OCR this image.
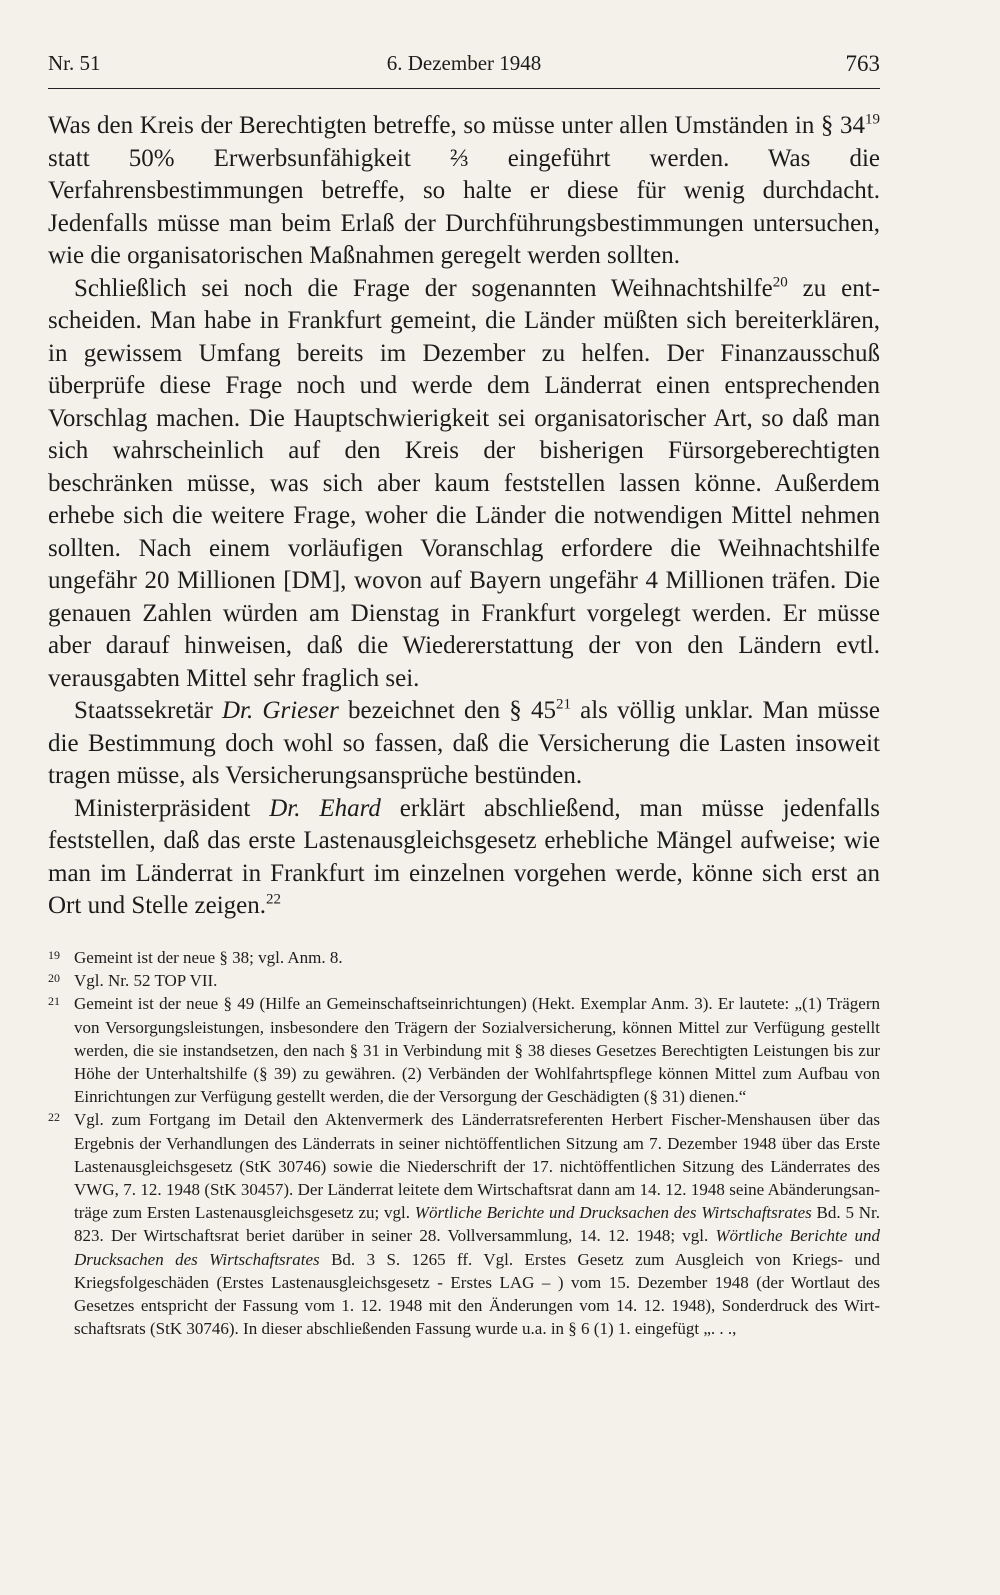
Nr. 51	6. Dezember 1948	763

Was den Kreis der Berechtigten betreffe, so müsse unter allen Umständen in § $34^{19}$ statt 50% Erwerbsunfähigkeit ⅔ eingeführt werden. Was die Verfahrensbestimmungen betreffe, so halte er diese für wenig durchdacht. Jedenfalls müsse man beim Erlaß der Durchführungsbestimmungen untersuchen, wie die organisatorischen Maßnahmen geregelt werden sollten.

Schließlich sei noch die Frage der sogenannten Weihnachtshilfe$^{20}$ zu entscheiden. Man habe in Frankfurt gemeint, die Länder müßten sich bereiterklären, in gewissem Umfang bereits im Dezember zu helfen. Der Finanzausschuß überprüfe diese Frage noch und werde dem Länderrat einen entsprechenden Vorschlag machen. Die Hauptschwierigkeit sei organisatorischer Art, so daß man sich wahrscheinlich auf den Kreis der bisherigen Fürsorgeberechtigten beschränken müsse, was sich aber kaum feststellen lassen könne. Außerdem erhebe sich die weitere Frage, woher die Länder die notwendigen Mittel nehmen sollten. Nach einem vorläufigen Voranschlag erfordere die Weihnachtshilfe ungefähr 20 Millionen [DM], wovon auf Bayern ungefähr 4 Millionen träfen. Die genauen Zahlen würden am Dienstag in Frankfurt vorgelegt werden. Er müsse aber darauf hinweisen, daß die Wiedererstattung der von den Ländern evtl. verausgabten Mittel sehr fraglich sei.

Staatssekretär Dr. Grieser bezeichnet den § $45^{21}$ als völlig unklar. Man müsse die Bestimmung doch wohl so fassen, daß die Versicherung die Lasten insoweit tragen müsse, als Versicherungsansprüche bestünden.

Ministerpräsident Dr. Ehard erklärt abschließend, man müsse jedenfalls feststellen, daß das erste Lastenausgleichsgesetz erhebliche Mängel aufweise; wie man im Länderrat in Frankfurt im einzelnen vorgehen werde, könne sich erst an Ort und Stelle zeigen.$^{22}$

19 Gemeint ist der neue § 38; vgl. Anm. 8.
20 Vgl. Nr. 52 TOP VII.
21 Gemeint ist der neue § 49 (Hilfe an Gemeinschaftseinrichtungen) (Hekt. Exemplar Anm. 3). Er lautete: „(1) Trägern von Versorgungsleistungen, insbesondere den Trägern der Sozialversicherung, können Mittel zur Verfügung gestellt werden, die sie instandsetzen, den nach § 31 in Verbindung mit § 38 dieses Gesetzes Berechtigten Leistungen bis zur Höhe der Unterhaltshilfe (§ 39) zu gewähren. (2) Verbänden der Wohlfahrtspflege können Mittel zum Aufbau von Einrichtungen zur Verfügung gestellt werden, die der Versorgung der Geschädigten (§ 31) dienen.“
22 Vgl. zum Fortgang im Detail den Aktenvermerk des Länderratsreferenten Herbert Fischer-Menshausen über das Ergebnis der Verhandlungen des Länderrats in seiner nichtöffentlichen Sitzung am 7. Dezember 1948 über das Erste Lastenausgleichsgesetz (StK 30746) sowie die Niederschrift der 17. nichtöffentlichen Sitzung des Länderrates des VWG, 7. 12. 1948 (StK 30457). Der Länderrat leitete dem Wirtschaftsrat dann am 14. 12. 1948 seine Abänderungsanträge zum Ersten Lastenausgleichsgesetz zu; vgl. Wörtliche Berichte und Drucksachen des Wirtschaftsrates Bd. 5 Nr. 823. Der Wirtschaftsrat beriet darüber in seiner 28. Vollversammlung, 14. 12. 1948; vgl. Wörtliche Berichte und Drucksachen des Wirtschaftsrates Bd. 3 S. 1265 ff. Vgl. Erstes Gesetz zum Ausgleich von Kriegs- und Kriegsfolgeschäden (Erstes Lastenausgleichsgesetz - Erstes LAG – ) vom 15. Dezember 1948 (der Wortlaut des Gesetzes entspricht der Fassung vom 1. 12. 1948 mit den Änderungen vom 14. 12. 1948), Sonderdruck des Wirtschaftsrats (StK 30746). In dieser abschließenden Fassung wurde u.a. in § 6 (1) 1. eingefügt „. . .,
